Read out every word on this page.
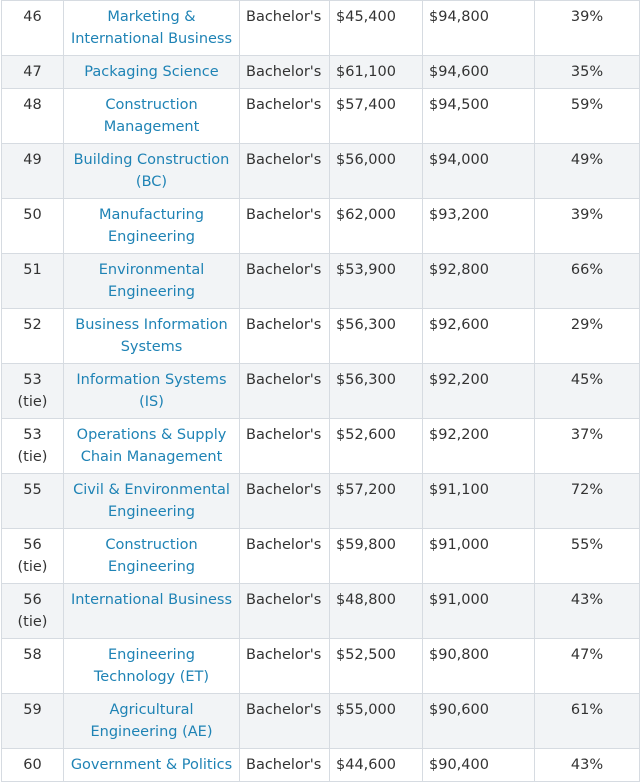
46	Marketing & International Business	Bachelor's	$45,400	$94,800	39%
47	Packaging Science	Bachelor's	$61,100	$94,600	35%
48	Construction Management	Bachelor's	$57,400	$94,500	59%
49	Building Construction (BC)	Bachelor's	$56,000	$94,000	49%
50	Manufacturing Engineering	Bachelor's	$62,000	$93,200	39%
51	Environmental Engineering	Bachelor's	$53,900	$92,800	66%
52	Business Information Systems	Bachelor's	$56,300	$92,600	29%
53 (tie)	Information Systems (IS)	Bachelor's	$56,300	$92,200	45%
53 (tie)	Operations & Supply Chain Management	Bachelor's	$52,600	$92,200	37%
55	Civil & Environmental Engineering	Bachelor's	$57,200	$91,100	72%
56 (tie)	Construction Engineering	Bachelor's	$59,800	$91,000	55%
56 (tie)	International Business	Bachelor's	$48,800	$91,000	43%
58	Engineering Technology (ET)	Bachelor's	$52,500	$90,800	47%
59	Agricultural Engineering (AE)	Bachelor's	$55,000	$90,600	61%
60	Government & Politics	Bachelor's	$44,600	$90,400	43%
